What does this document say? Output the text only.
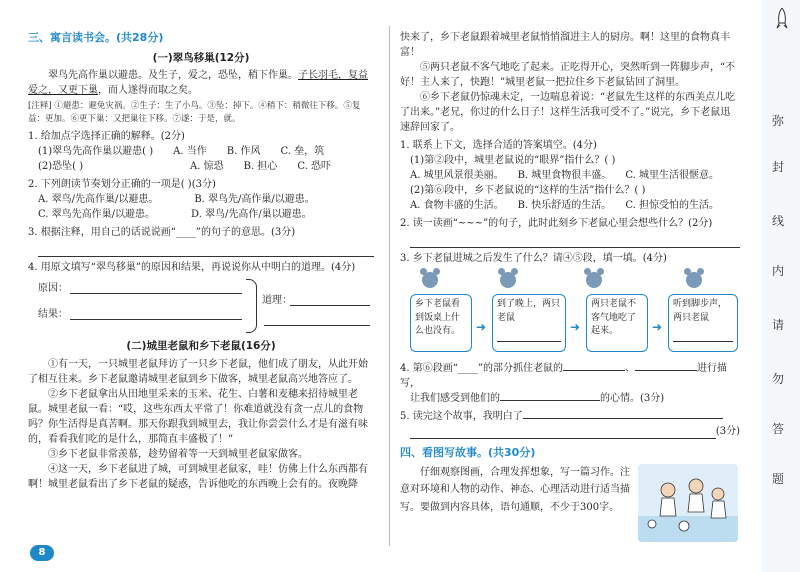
三、寓言读书会。(共28分)
(一)翠鸟移巢(12分)

翠鸟先高作巢以避患。及生子，爱之，恐坠，稍下作巢。子长羽毛，复益爱之，又更下巢，而人遂得而取之矣。

[注释] ①避患：避免灾祸。②生子：生了小鸟。③坠：掉下。④稍下：稍微往下移。⑤复益：更加。⑥更下巢：又把巢往下移。⑦遂：于是，就。
1. 给加点字选择正确的解释。(2分)
(1)翠鸟先高作巢以避患( ) A. 当作 B. 作风 C. 垒，筑
(2)恐坠( )	A. 惊恐 B. 担心 C. 恐吓
2. 下列朗读节奏划分正确的一项是( )(3分)
A. 翠鸟/先高作巢/以避患。	B. 翠鸟先/高作巢/以避患。
C. 翠鸟先高作巢/以避患。	D. 翠鸟/先高作/巢以避患。
3. 根据注释，用自己的话说说画“____”的句子的意思。(3分)
4. 用原文填写“翠鸟移巢”的原因和结果，再说说你从中明白的道理。(4分)
原因：
结果：
道理：
(二)城里老鼠和乡下老鼠(16分)

①有一天，一只城里老鼠拜访了一只乡下老鼠，他们成了朋友，从此开始了相互往来。乡下老鼠邀请城里老鼠到乡下做客，城里老鼠高兴地答应了。

②乡下老鼠拿出从田地里采来的玉米、花生、白薯和麦穗来招待城里老鼠。城里老鼠一看：“哎，这些东西太平常了！你难道就没有贪一点儿的食物吗？你生活得是真苦啊。那天你跟我到城里去，我让你尝尝什么才是有滋有味的，看看我们吃的是什么，那简直丰盛极了！”

③乡下老鼠非常羡慕，趁势留着等一天到城里老鼠家做客。

④这一天，乡下老鼠进了城，可到城里老鼠家，哇！仿佛上什么东西都有啊！城里老鼠看出了乡下老鼠的疑惑，告诉他吃的东西晚上会有的。夜晚降

快来了，乡下老鼠跟着城里老鼠悄悄溜进主人的厨房。啊！这里的食物真丰富！

⑤两只老鼠不客气地吃了起来。正吃得开心，突然听到一阵脚步声，“不好！主人来了，快跑！”城里老鼠一把拉住乡下老鼠钻回了洞里。

⑥乡下老鼠仍惊魂未定，一边喘息着说：“老鼠先生这样的东西美点儿吃了出来。”老兄，你过的什么日子！这样生活我可受不了。”说完，乡下老鼠迅速辞回家了。

1. 联系上下文，选择合适的答案填空。(4分)
(1)第②段中，城里老鼠说的“眼界”指什么？( )
A. 城里风景很美丽。 B. 城里食物很丰盛。 C. 城里生活很惬意。
(2)第⑥段中，乡下老鼠说的“这样的生活”指什么？( )
A. 食物丰盛的生活。 B. 快乐舒适的生活。 C. 担惊受怕的生活。
2. 读一读画“~~~”的句子，此时此刻乡下老鼠心里会想些什么？(2分)
3. 乡下老鼠进城之后发生了什么？请④⑤段，填一填。(4分)
乡下老鼠看到饭桌上什么也没有。	➜
到了晚上，两只老鼠
➜
两只老鼠不客气地吃了起来。	➜
听到脚步声，两只老鼠
4. 第⑥段画“____”的部分抓住老鼠的	、	进行描写，
让我们感受到他们的	的心情。(3分)
5. 读完这个故事，我明白了
(3分)
四、看图写故事。(共30分)
仔细观察图画，合理发挥想象，写一篇习作。注意对环境和人物的动作、神态、心理活动进行适当描写。要做到内容具体，语句通顺，不少于300字。
弥
封
线
内
请
勿
答
题
8
